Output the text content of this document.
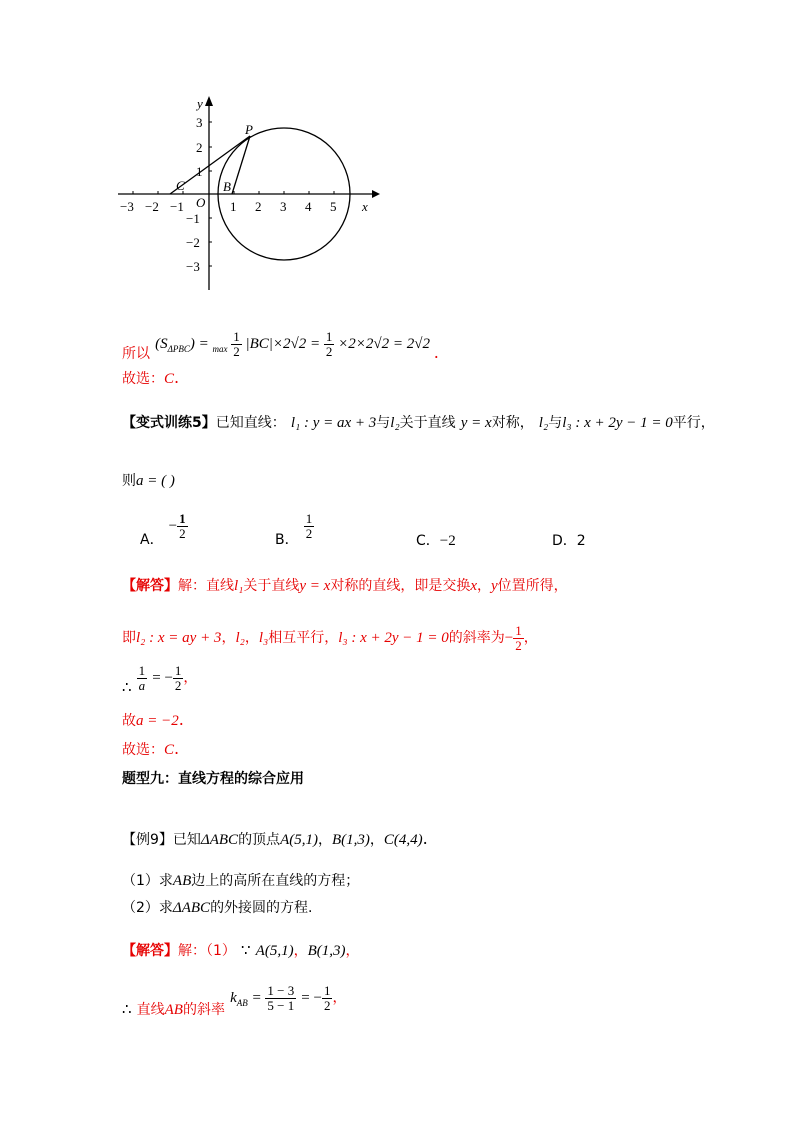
x
y
O
P
B
C
−3 −2 −1	1 2 3 4 5
3
2
1
−1
−2
−3
所以 $(S_{\Delta PBC}) = _{max} \frac{1}{2} |BC|\times 2√2 = \frac{1}{2} \times 2\times 2√2 = 2√2$ .
故选：C.
【变式训练5】已知直线： l₁ : y = ax + 3与l₂关于直线 y = x对称， l₂与l₃ : x + 2y − 1 = 0平行，
则a = ( )
A． − $\frac{1}{2}$	B． $\frac{1}{2}$	C．−2	D．2
【解答】解：直线l₁关于直线y = x对称的直线，即是交换x，y位置所得，
即l₂ : x = ay + 3，l₂，l₃相互平行，l₃ : x + 2y − 1 = 0的斜率为− $\frac{1}{2}$ ，
∴ $\frac{1}{a}$ = − $\frac{1}{2}$ ，
故a = −2.
故选：C.
题型九：直线方程的综合应用
【例9】已知ΔABC的顶点A(5,1)，B(1,3)，C(4,4).
（1）求AB边上的高所在直线的方程；
（2）求ΔABC的外接圆的方程.
【解答】解：（1） ∵ A(5,1)，B(1,3)，
∴ 直线AB的斜率 $k_{AB} = \frac{1 - 3}{5 - 1}$ = − $\frac{1}{2}$ ，
